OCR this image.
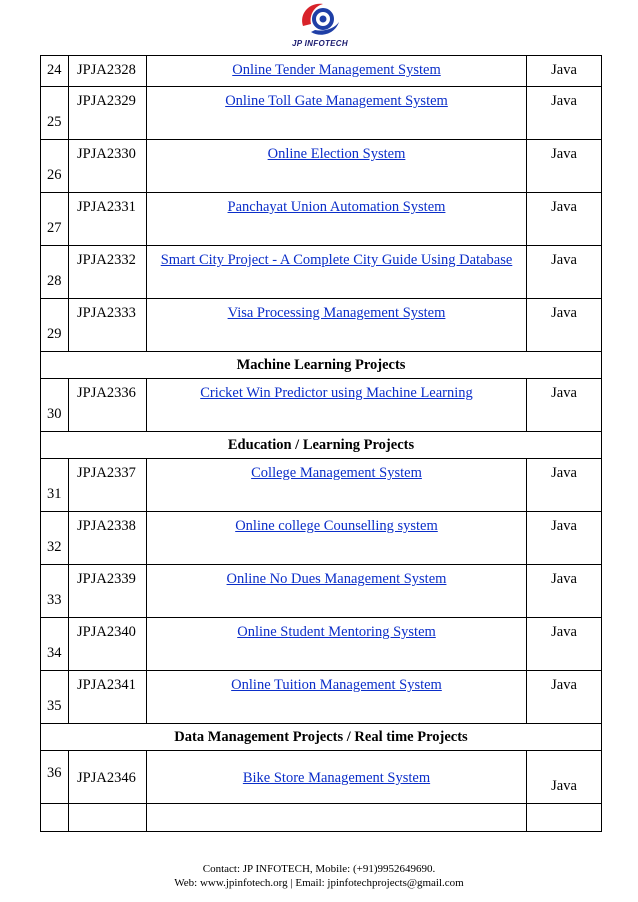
JP INFOTECH
24	JPJA2328	Online Tender Management System	Java

25	JPJA2329	Online Toll Gate Management System	Java

26	JPJA2330	Online Election System	Java

27	JPJA2331	Panchayat Union Automation System	Java

28	JPJA2332	Smart City Project - A Complete City Guide Using Database	Java

29	JPJA2333	Visa Processing Management System	Java

Machine Learning Projects			

30	JPJA2336	Cricket Win Predictor using Machine Learning	Java

Education / Learning Projects			

31	JPJA2337	College Management System	Java

32	JPJA2338	Online college Counselling system	Java

33	JPJA2339	Online No Dues Management System	Java

34	JPJA2340	Online Student Mentoring System	Java

35	JPJA2341	Online Tuition Management System	Java

Data Management Projects / Real time Projects			

36	JPJA2346	Bike Store Management System	Java

Contact: JP INFOTECH, Mobile: (+91)9952649690.
Web: www.jpinfotech.org | Email: jpinfotechprojects@gmail.com
